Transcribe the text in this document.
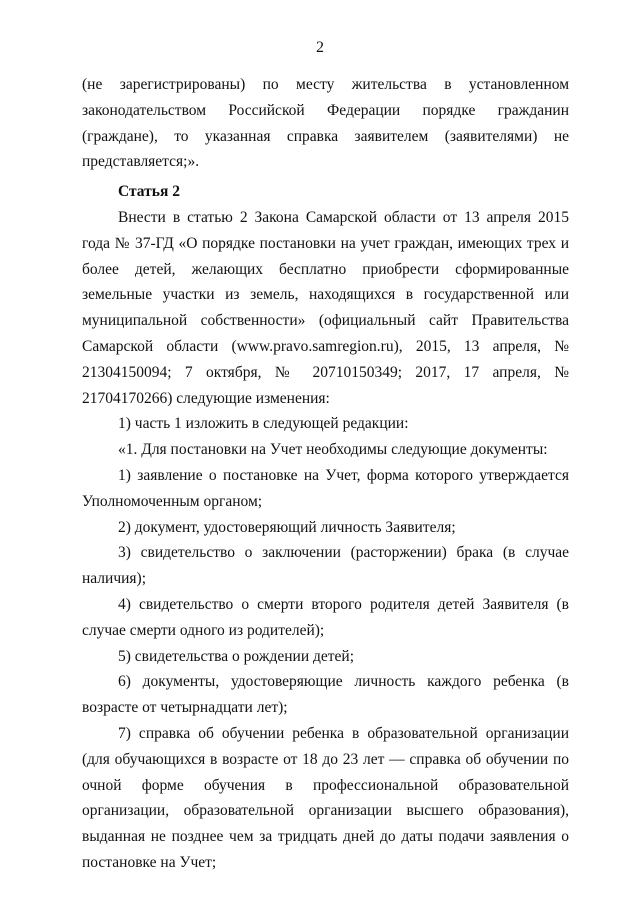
2

(не зарегистрированы) по месту жительства в установленном законодательством Российской Федерации порядке гражданин (граждане), то указанная справка заявителем (заявителями) не представляется;».

Статья 2

Внести в статью 2 Закона Самарской области от 13 апреля 2015 года № 37-ГД «О порядке постановки на учет граждан, имеющих трех и более детей, желающих бесплатно приобрести сформированные земельные участки из земель, находящихся в государственной или муниципальной собственности» (официальный сайт Правительства Самарской области (www.pravo.samregion.ru), 2015, 13 апреля, № 21304150094; 7 октября, № 20710150349; 2017, 17 апреля, № 21704170266) следующие изменения:

1) часть 1 изложить в следующей редакции:

«1. Для постановки на Учет необходимы следующие документы:

1) заявление о постановке на Учет, форма которого утверждается Уполномоченным органом;

2) документ, удостоверяющий личность Заявителя;

3) свидетельство о заключении (расторжении) брака (в случае наличия);

4) свидетельство о смерти второго родителя детей Заявителя (в случае смерти одного из родителей);

5) свидетельства о рождении детей;

6) документы, удостоверяющие личность каждого ребенка (в возрасте от четырнадцати лет);

7) справка об обучении ребенка в образовательной организации (для обучающихся в возрасте от 18 до 23 лет — справка об обучении по очной форме обучения в профессиональной образовательной организации, образовательной организации высшего образования), выданная не позднее чем за тридцать дней до даты подачи заявления о постановке на Учет;
